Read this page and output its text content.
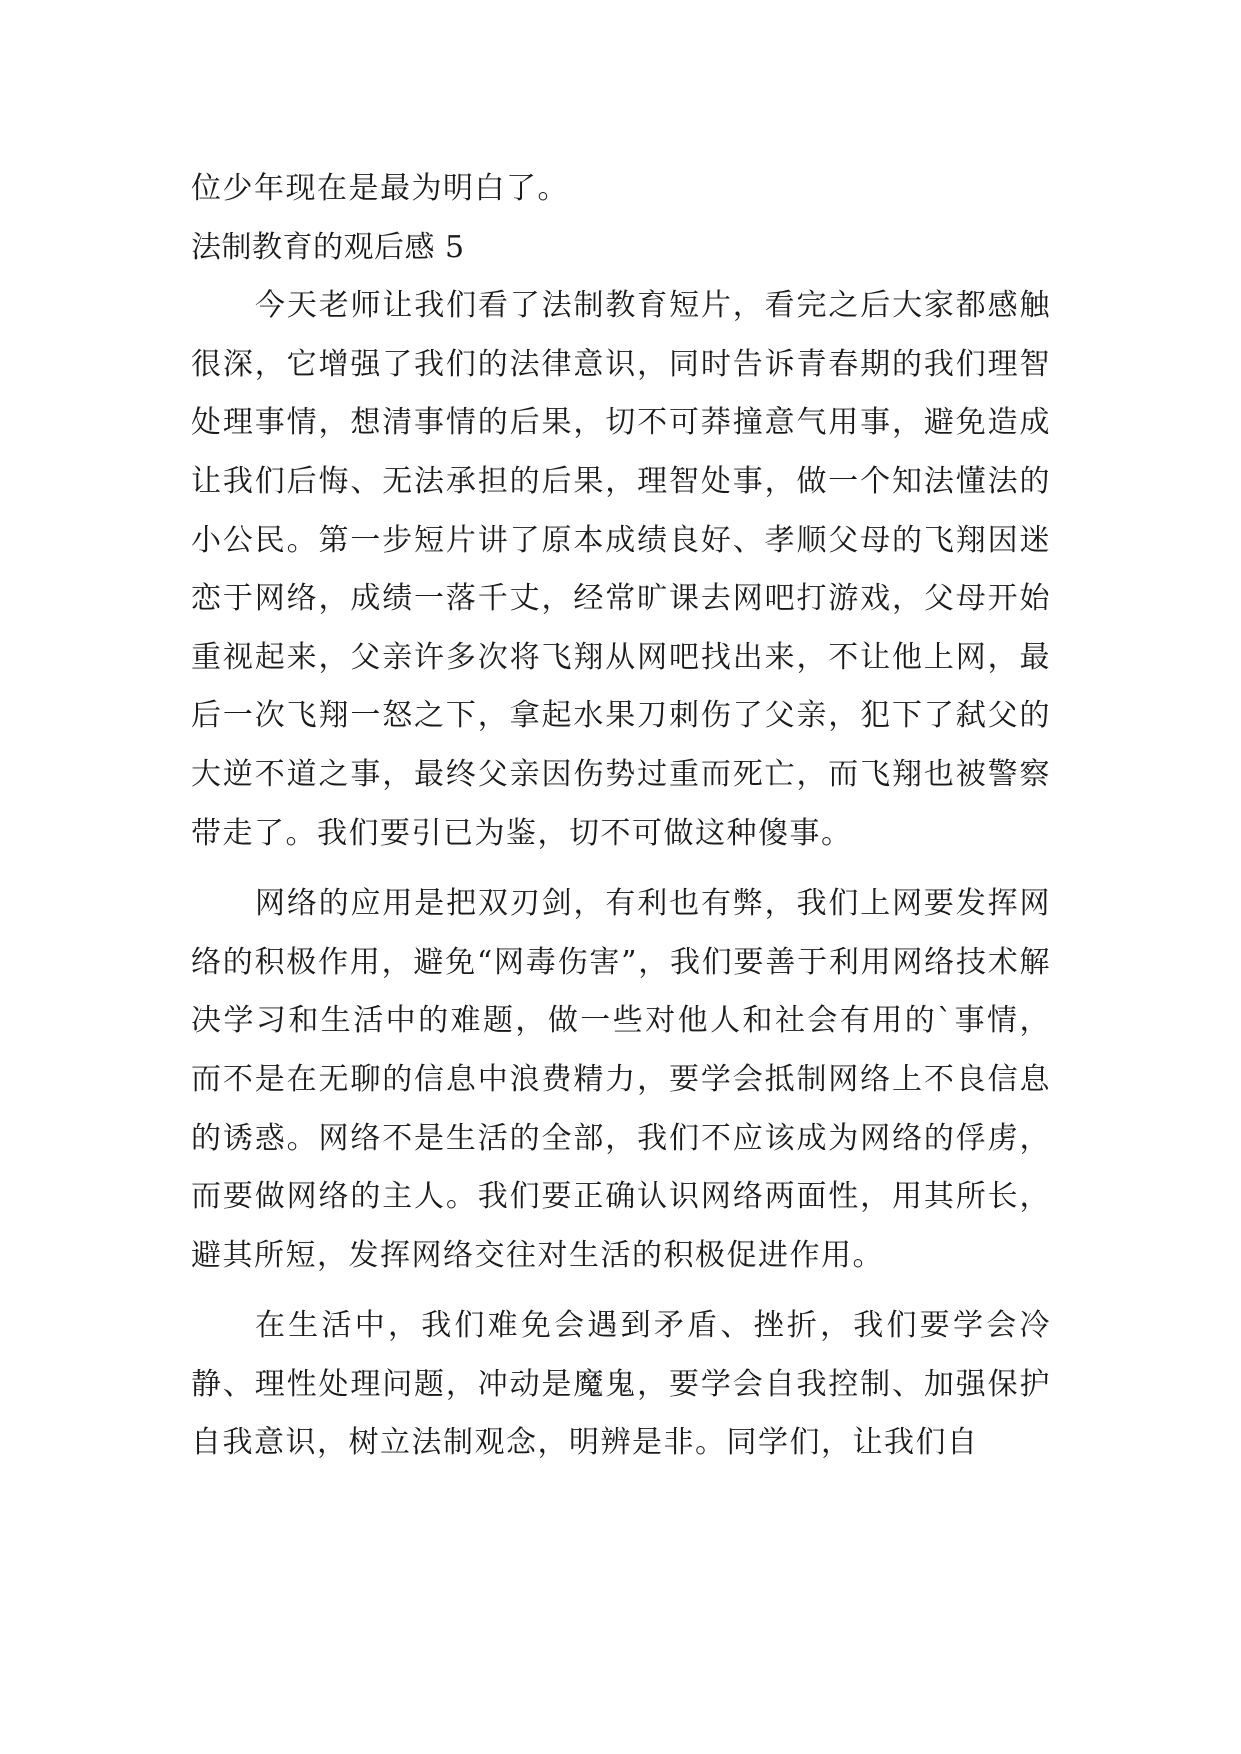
位少年现在是最为明白了。

法制教育的观后感 5

今天老师让我们看了法制教育短片，看完之后大家都感触很深，它增强了我们的法律意识，同时告诉青春期的我们理智处理事情，想清事情的后果，切不可莽撞意气用事，避免造成让我们后悔、无法承担的后果，理智处事，做一个知法懂法的小公民。第一步短片讲了原本成绩良好、孝顺父母的飞翔因迷恋于网络，成绩一落千丈，经常旷课去网吧打游戏，父母开始重视起来，父亲许多次将飞翔从网吧找出来，不让他上网，最后一次飞翔一怒之下，拿起水果刀刺伤了父亲，犯下了弑父的大逆不道之事，最终父亲因伤势过重而死亡，而飞翔也被警察带走了。我们要引已为鉴，切不可做这种傻事。

网络的应用是把双刃剑，有利也有弊，我们上网要发挥网络的积极作用，避免“网毒伤害”，我们要善于利用网络技术解决学习和生活中的难题，做一些对他人和社会有用的`事情，而不是在无聊的信息中浪费精力，要学会抵制网络上不良信息的诱惑。网络不是生活的全部，我们不应该成为网络的俘虏，而要做网络的主人。我们要正确认识网络两面性，用其所长，避其所短，发挥网络交往对生活的积极促进作用。

在生活中，我们难免会遇到矛盾、挫折，我们要学会冷静、理性处理问题，冲动是魔鬼，要学会自我控制、加强保护自我意识，树立法制观念，明辨是非。同学们，让我们自
